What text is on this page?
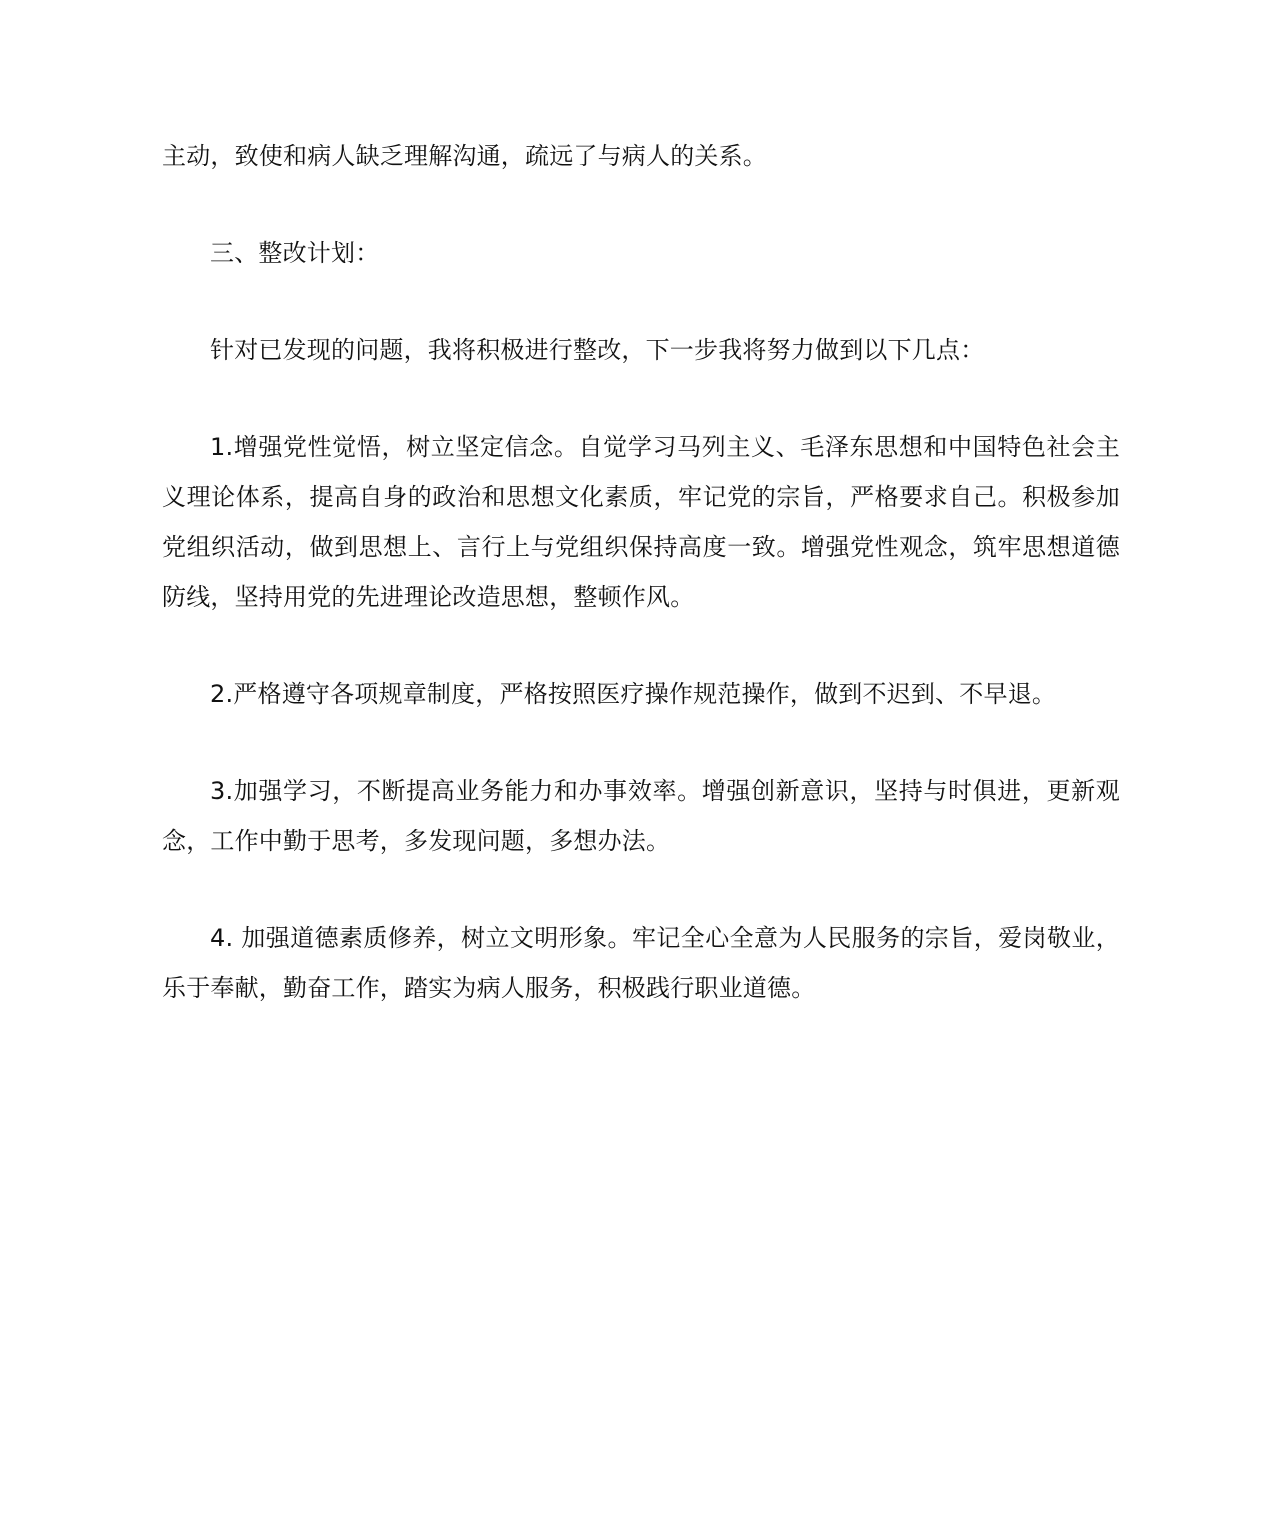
主动，致使和病人缺乏理解沟通，疏远了与病人的关系。

三、整改计划：

针对已发现的问题，我将积极进行整改，下一步我将努力做到以下几点：

1.增强党性觉悟，树立坚定信念。自觉学习马列主义、毛泽东思想和中国特色社会主义理论体系，提高自身的政治和思想文化素质，牢记党的宗旨，严格要求自己。积极参加党组织活动，做到思想上、言行上与党组织保持高度一致。增强党性观念，筑牢思想道德防线，坚持用党的先进理论改造思想，整顿作风。

2.严格遵守各项规章制度，严格按照医疗操作规范操作，做到不迟到、不早退。

3.加强学习，不断提高业务能力和办事效率。增强创新意识，坚持与时俱进，更新观念，工作中勤于思考，多发现问题，多想办法。

4. 加强道德素质修养，树立文明形象。牢记全心全意为人民服务的宗旨，爱岗敬业，乐于奉献，勤奋工作，踏实为病人服务，积极践行职业道德。
